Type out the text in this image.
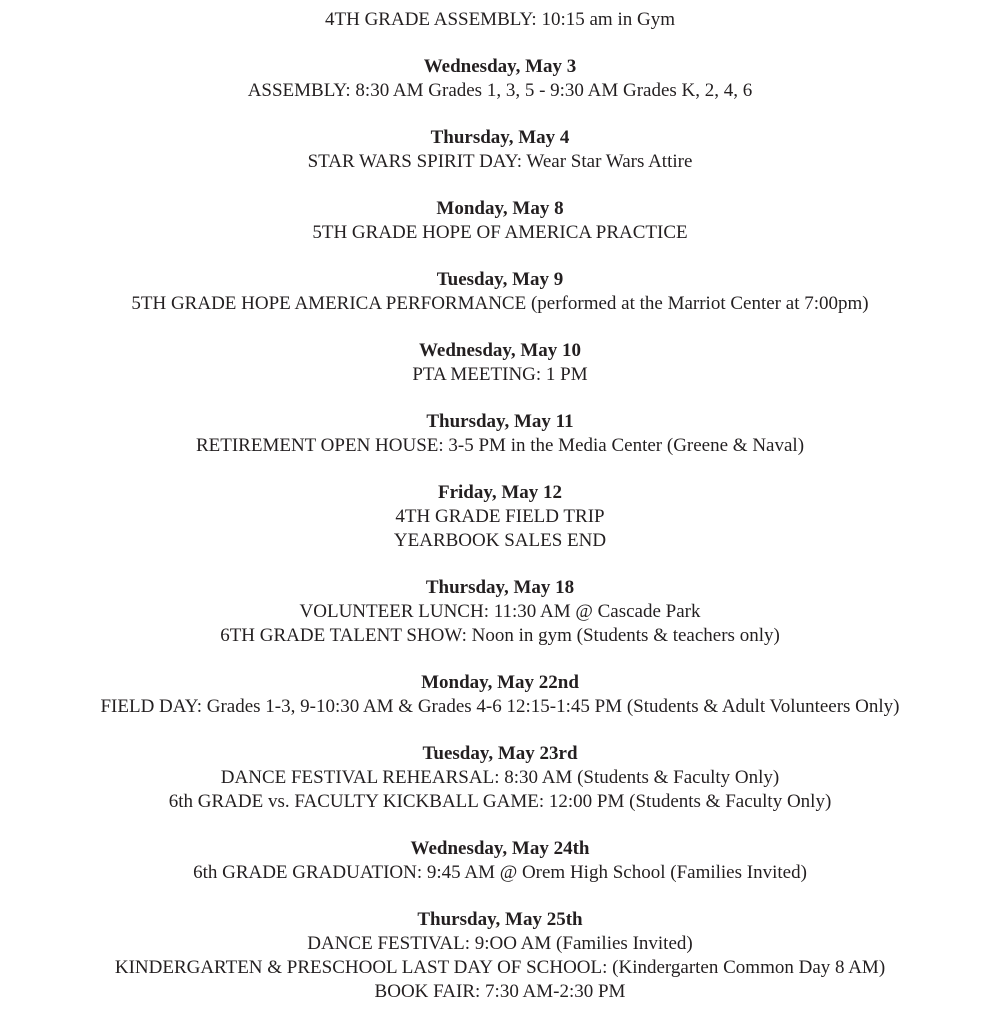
4TH GRADE ASSEMBLY: 10:15 am in Gym
Wednesday, May 3
ASSEMBLY: 8:30 AM Grades 1, 3, 5 - 9:30 AM Grades K, 2, 4, 6
Thursday, May 4
STAR WARS SPIRIT DAY: Wear Star Wars Attire
Monday, May 8
5TH GRADE HOPE OF AMERICA PRACTICE
Tuesday, May 9
5TH GRADE HOPE AMERICA PERFORMANCE (performed at the Marriot Center at 7:00pm)
Wednesday, May 10
PTA MEETING: 1 PM
Thursday, May 11
RETIREMENT OPEN HOUSE: 3-5 PM in the Media Center (Greene & Naval)
Friday, May 12
4TH GRADE FIELD TRIP
YEARBOOK SALES END
Thursday, May 18
VOLUNTEER LUNCH: 11:30 AM @ Cascade Park
6TH GRADE TALENT SHOW: Noon in gym (Students & teachers only)
Monday, May 22nd
FIELD DAY: Grades 1-3, 9-10:30 AM & Grades 4-6 12:15-1:45 PM (Students & Adult Volunteers Only)
Tuesday, May 23rd
DANCE FESTIVAL REHEARSAL: 8:30 AM (Students & Faculty Only)
6th GRADE vs. FACULTY KICKBALL GAME: 12:00 PM (Students & Faculty Only)
Wednesday, May 24th
6th GRADE GRADUATION: 9:45 AM @ Orem High School (Families Invited)
Thursday, May 25th
DANCE FESTIVAL: 9:OO AM (Families Invited)
KINDERGARTEN & PRESCHOOL LAST DAY OF SCHOOL: (Kindergarten Common Day 8 AM)
BOOK FAIR: 7:30 AM-2:30 PM
